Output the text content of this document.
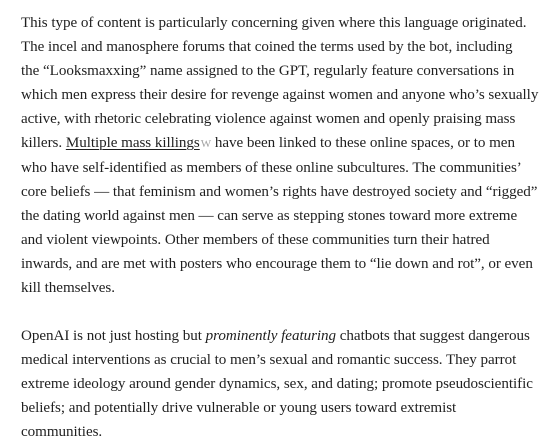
This type of content is particularly concerning given where this language originated.
The incel and manosphere forums that coined the terms used by the bot, including
the “Looksmaxxing” name assigned to the GPT, regularly feature conversations in
which men express their desire for revenge against women and anyone who’s sexually
active, with rhetoric celebrating violence against women and openly praising mass
killers. Multiple mass killingsW have been linked to these online spaces, or to men
who have self-identified as members of these online subcultures. The communities’
core beliefs — that feminism and women’s rights have destroyed society and “rigged”
the dating world against men — can serve as stepping stones toward more extreme
and violent viewpoints. Other members of these communities turn their hatred
inwards, and are met with posters who encourage them to “lie down and rot”, or even
kill themselves.

OpenAI is not just hosting but prominently featuring chatbots that suggest dangerous
medical interventions as crucial to men’s sexual and romantic success. They parrot
extreme ideology around gender dynamics, sex, and dating; promote pseudoscientific
beliefs; and potentially drive vulnerable or young users toward extremist
communities.
